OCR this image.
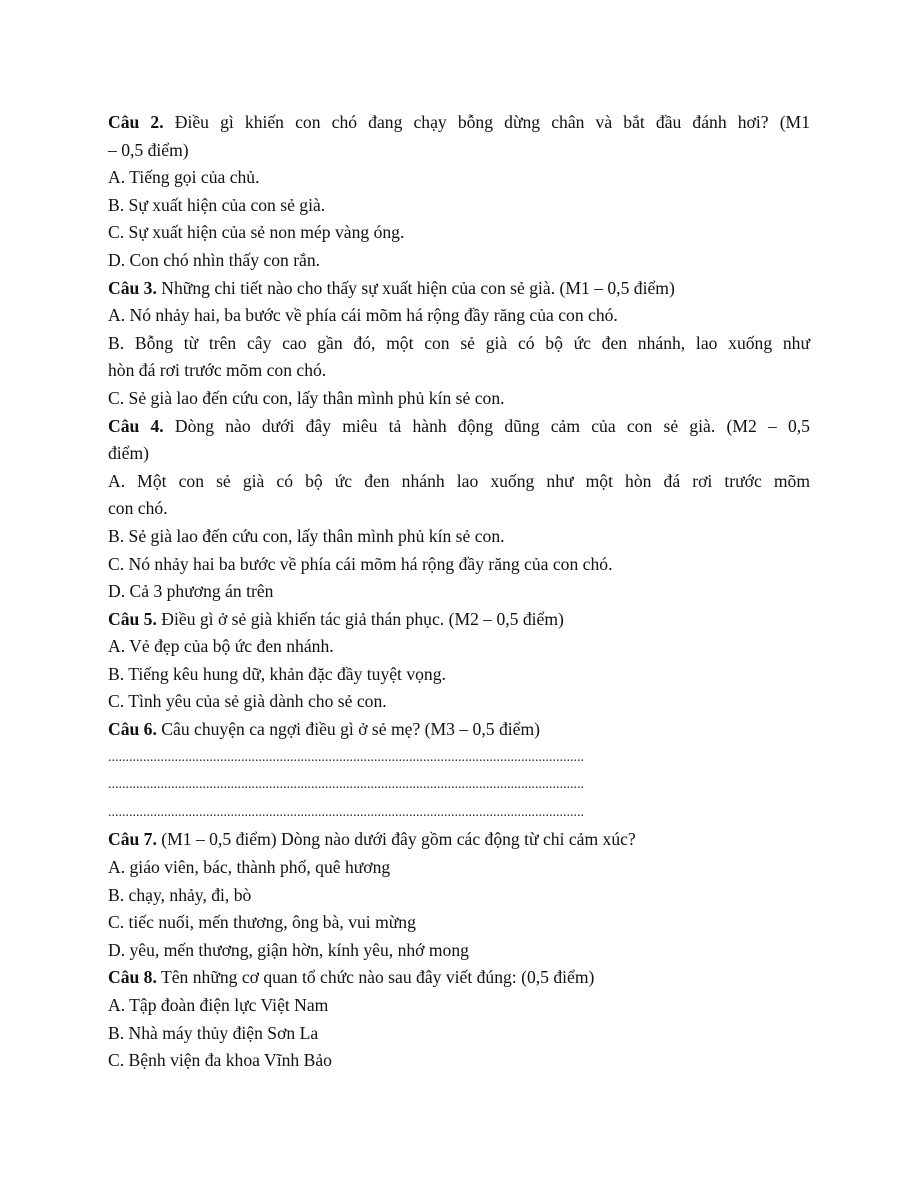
Câu 2. Điều gì khiến con chó đang chạy bỗng dừng chân và bắt đầu đánh hơi? (M1
– 0,5 điểm)
A. Tiếng gọi của chủ.
B. Sự xuất hiện của con sẻ già.
C. Sự xuất hiện của sẻ non mép vàng óng.
D. Con chó nhìn thấy con rắn.
Câu 3. Những chi tiết nào cho thấy sự xuất hiện của con sẻ già. (M1 – 0,5 điểm)
A. Nó nhảy hai, ba bước về phía cái mõm há rộng đầy răng của con chó.
B. Bỗng từ trên cây cao gần đó, một con sẻ già có bộ ức đen nhánh, lao xuống như
hòn đá rơi trước mõm con chó.
C. Sẻ già lao đến cứu con, lấy thân mình phủ kín sẻ con.
Câu 4. Dòng nào dưới đây miêu tả hành động dũng cảm của con sẻ già. (M2 – 0,5
điểm)
A. Một con sẻ già có bộ ức đen nhánh lao xuống như một hòn đá rơi trước mõm
con chó.
B. Sẻ già lao đến cứu con, lấy thân mình phủ kín sẻ con.
C. Nó nhảy hai ba bước về phía cái mõm há rộng đầy răng của con chó.
D. Cả 3 phương án trên
Câu 5. Điều gì ở sẻ già khiến tác giả thán phục. (M2 – 0,5 điểm)
A. Vẻ đẹp của bộ ức đen nhánh.
B. Tiếng kêu hung dữ, khản đặc đầy tuyệt vọng.
C. Tình yêu của sẻ già dành cho sẻ con.
Câu 6. Câu chuyện ca ngợi điều gì ở sẻ mẹ? (M3 – 0,5 điểm)
........................................................................................................................................
........................................................................................................................................
........................................................................................................................................
Câu 7. (M1 – 0,5 điểm) Dòng nào dưới đây gồm các động từ chỉ cảm xúc?
A. giáo viên, bác, thành phố, quê hương
B. chạy, nhảy, đi, bò
C. tiếc nuối, mến thương, ông bà, vui mừng
D. yêu, mến thương, giận hờn, kính yêu, nhớ mong
Câu 8. Tên những cơ quan tổ chức nào sau đây viết đúng: (0,5 điểm)
A. Tập đoàn điện lực Việt Nam
B. Nhà máy thủy điện Sơn La
C. Bệnh viện đa khoa Vĩnh Bảo
